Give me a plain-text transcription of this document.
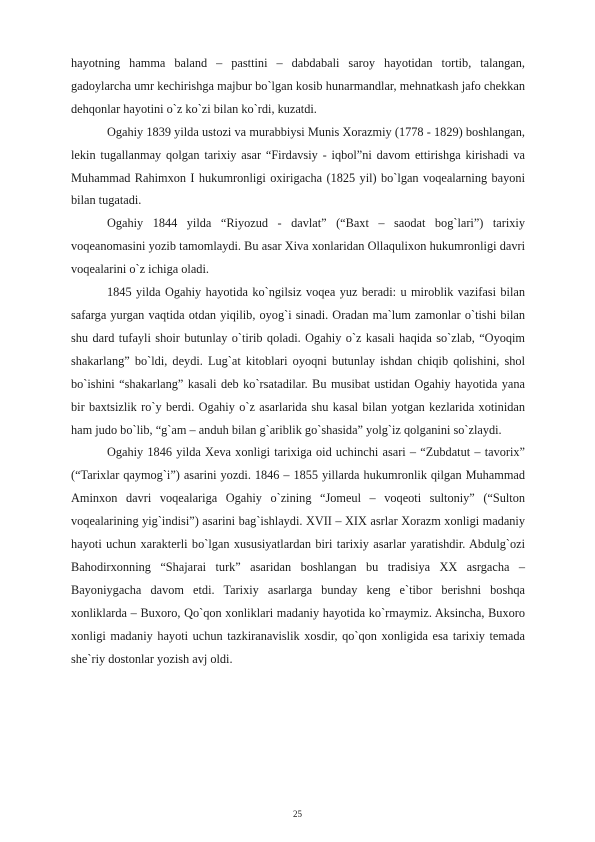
hayotning hamma baland – pasttini – dabdabali saroy hayotidan tortib, talangan, gadoylarcha umr kechirishga majbur bo`lgan kosib hunarmandlar, mehnatkash jafo chekkan dehqonlar hayotini o`z ko`zi bilan ko`rdi, kuzatdi.

Ogahiy 1839 yilda ustozi va murabbiysi Munis Xorazmiy (1778 - 1829) boshlangan, lekin tugallanmay qolgan tarixiy asar “Firdavsiy - iqbol”ni davom ettirishga kirishadi va Muhammad Rahimxon I hukumronligi oxirigacha (1825 yil) bo`lgan voqealarning bayoni bilan tugatadi.

Ogahiy 1844 yilda “Riyozud - davlat” (“Baxt – saodat bog`lari”) tarixiy voqeanomasini yozib tamomlaydi. Bu asar Xiva xonlaridan Ollaqulixon hukumronligi davri voqealarini o`z ichiga oladi.

1845 yilda Ogahiy hayotida ko`ngilsiz voqea yuz beradi: u miroblik vazifasi bilan safarga yurgan vaqtida otdan yiqilib, oyog`i sinadi. Oradan ma`lum zamonlar o`tishi bilan shu dard tufayli shoir butunlay o`tirib qoladi. Ogahiy o`z kasali haqida so`zlab, “Oyoqim shakarlang” bo`ldi, deydi. Lug`at kitoblari oyoqni butunlay ishdan chiqib qolishini, shol bo`ishini “shakarlang” kasali deb ko`rsatadilar. Bu musibat ustidan Ogahiy hayotida yana bir baxtsizlik ro`y berdi. Ogahiy o`z asarlarida shu kasal bilan yotgan kezlarida xotinidan ham judo bo`lib, “g`am – anduh bilan g`ariblik go`shasida” yolg`iz qolganini so`zlaydi.

Ogahiy 1846 yilda Xeva xonligi tarixiga oid uchinchi asari – “Zubdatut – tavorix” (“Tarixlar qaymog`i”) asarini yozdi. 1846 – 1855 yillarda hukumronlik qilgan Muhammad Aminxon davri voqealariga Ogahiy o`zining “Jomeul – voqeoti sultoniy” (“Sulton voqealarining yig`indisi”) asarini bag`ishlaydi. XVII – XIX asrlar Xorazm xonligi madaniy hayoti uchun xarakterli bo`lgan xususiyatlardan biri tarixiy asarlar yaratishdir. Abdulg`ozi Bahodirxonning “Shajarai turk” asaridan boshlangan bu tradisiya XX asrgacha – Bayoniygacha davom etdi. Tarixiy asarlarga bunday keng e`tibor berishni boshqa xonliklarda – Buxoro, Qo`qon xonliklari madaniy hayotida ko`rmaymiz. Aksincha, Buxoro xonligi madaniy hayoti uchun tazkiranavislik xosdir, qo`qon xonligida esa tarixiy temada she`riy dostonlar yozish avj oldi.

25
